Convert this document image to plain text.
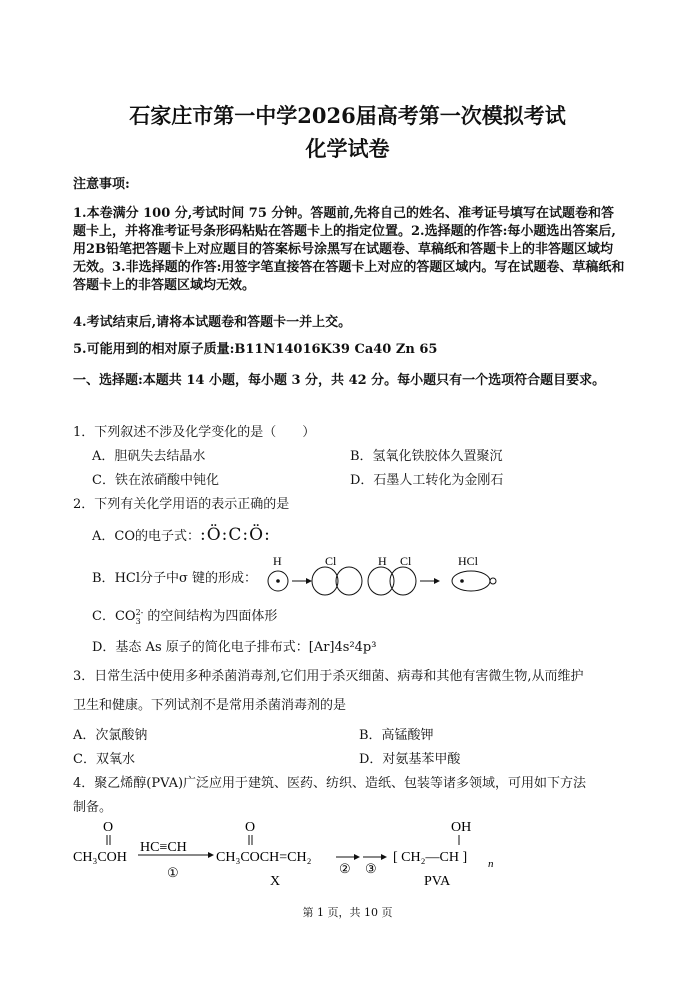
石家庄市第一中学2026届高考第一次模拟考试
化学试卷
注意事项:
1.本卷满分 100 分,考试时间 75 分钟。答题前,先将自己的姓名、准考证号填写在试题卷和答题卡上，并将准考证号条形码粘贴在答题卡上的指定位置。2.选择题的作答:每小题选出答案后,用2B铅笔把答题卡上对应题目的答案标号涂黑写在试题卷、草稿纸和答题卡上的非答题区域均无效。3.非选择题的作答:用签字笔直接答在答题卡上对应的答题区域内。写在试题卷、草稿纸和答题卡上的非答题区域均无效。
4.考试结束后,请将本试题卷和答题卡一并上交。
5.可能用到的相对原子质量:B11N14016K39 Ca40 Zn 65
一、选择题:本题共 14 小题，每小题 3 分，共 42 分。每小题只有一个选项符合题目要求。
1．下列叙述不涉及化学变化的是（　　）
A．胆矾失去结晶水	B．氢氧化铁胶体久置聚沉
C．铁在浓硝酸中钝化	D．石墨人工转化为金刚石
2．下列有关化学用语的表示正确的是
A．CO的电子式：:Ö:C:Ö:
B．HCl分子中σ 键的形成：
H	Cl	H Cl	HCl
C．CO 2-
3 的空间结构为四面体形
D．基态 As 原子的简化电子排布式：[Ar]4s²4p³
3．日常生活中使用多种杀菌消毒剂,它们用于杀灭细菌、病毒和其他有害微生物,从而维护
卫生和健康。下列试剂不是常用杀菌消毒剂的是
A．次氯酸钠	B．高锰酸钾
C．双氧水	D．对氨基苯甲酸
4．聚乙烯醇(PVA)广泛应用于建筑、医药、纺织、造纸、包装等诸多领域，可用如下方法
制备。
O
CH₃COH
HC≡CH
①
O
CH₃COCH=CH₂
X
② ③
OH
[ CH₂—CH ] n
PVA
第 1 页，共 10 页
